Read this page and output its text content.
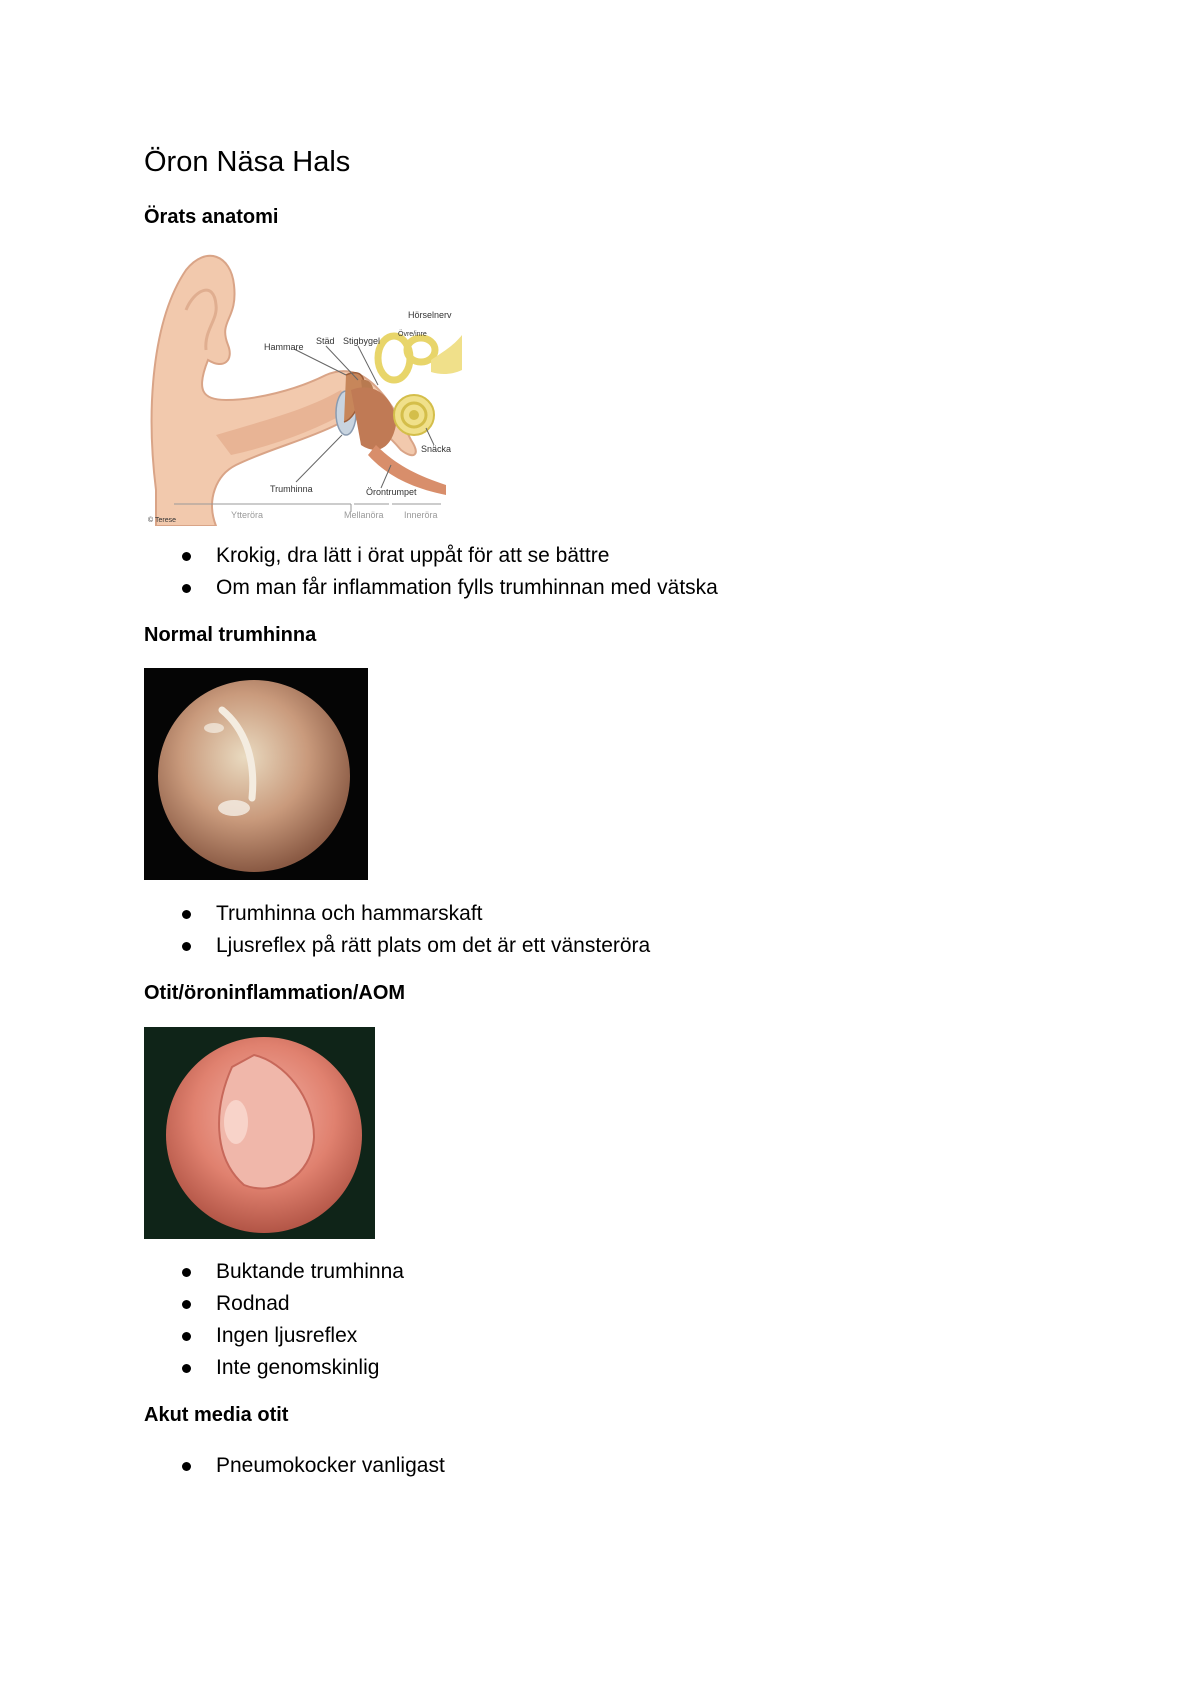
Öron Näsa Hals
Örats anatomi
Hammare
Städ Stigbygel
Hörselnerv
Övre/inre
Snäcka
Trumhinna	Örontrumpet
© Terese
Ytteröra	Mellanöra Inneröra
Krokig, dra lätt i örat uppåt för att se bättre
Om man får inflammation fylls trumhinnan med vätska
Normal trumhinna
Trumhinna och hammarskaft
Ljusreflex på rätt plats om det är ett vänsteröra
Otit/öroninflammation/AOM
Buktande trumhinna
Rodnad
Ingen ljusreflex
Inte genomskinlig
Akut media otit
Pneumokocker vanligast
